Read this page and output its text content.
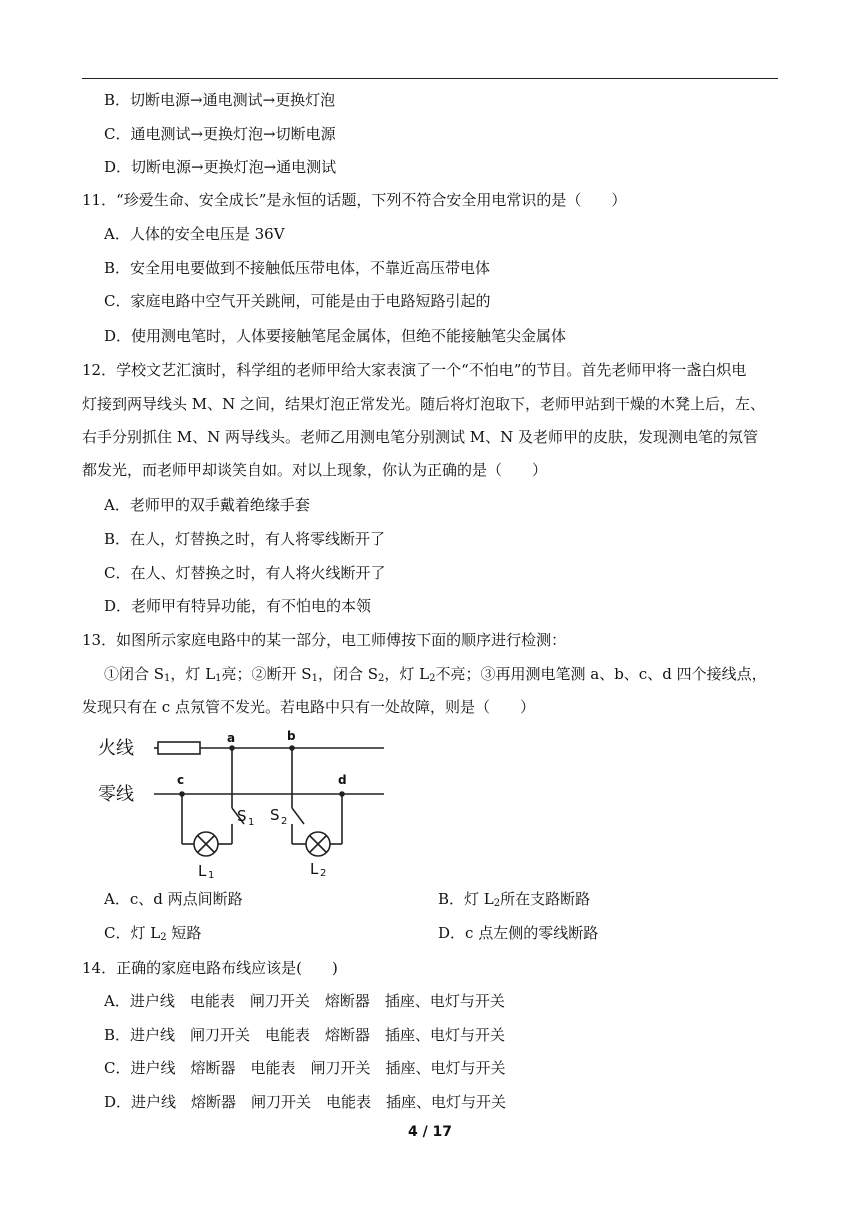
B．切断电源→通电测试→更换灯泡
C．通电测试→更换灯泡→切断电源
D．切断电源→更换灯泡→通电测试
11．“珍爱生命、安全成长”是永恒的话题，下列不符合安全用电常识的是（　　）
A．人体的安全电压是 36V
B．安全用电要做到不接触低压带电体，不靠近高压带电体
C．家庭电路中空气开关跳闸，可能是由于电路短路引起的
D．使用测电笔时，人体要接触笔尾金属体，但绝不能接触笔尖金属体
12．学校文艺汇演时，科学组的老师甲给大家表演了一个“不怕电”的节目。首先老师甲将一盏白炽电
灯接到两导线头 M、N 之间，结果灯泡正常发光。随后将灯泡取下，老师甲站到干燥的木凳上后，左、
右手分别抓住 M、N 两导线头。老师乙用测电笔分别测试 M、N 及老师甲的皮肤，发现测电笔的氖管
都发光，而老师甲却谈笑自如。对以上现象，你认为正确的是（　　）
A．老师甲的双手戴着绝缘手套
B．在人，灯替换之时，有人将零线断开了
C．在人、灯替换之时，有人将火线断开了
D．老师甲有特异功能，有不怕电的本领
13．如图所示家庭电路中的某一部分，电工师傅按下面的顺序进行检测：
①闭合 $S_1$，灯 $L_1$亮；②断开 $S_1$，闭合 $S_2$，灯 $L_2$不亮；③再用测电笔测 a、b、c、d 四个接线点，
发现只有在 c 点氖管不发光。若电路中只有一处故障，则是（　　）
火线
零线
a	b
c	d
S 1 S 2
L 1	L 2
A．c、d 两点间断路	B．灯 $L_2$所在支路断路
C．灯 $L_2$ 短路	D．c 点左侧的零线断路
14．正确的家庭电路布线应该是(　　)
A．进户线　电能表　闸刀开关　熔断器　插座、电灯与开关
B．进户线　闸刀开关　电能表　熔断器　插座、电灯与开关
C．进户线　熔断器　电能表　闸刀开关　插座、电灯与开关
D．进户线　熔断器　闸刀开关　电能表　插座、电灯与开关
4 / 17
